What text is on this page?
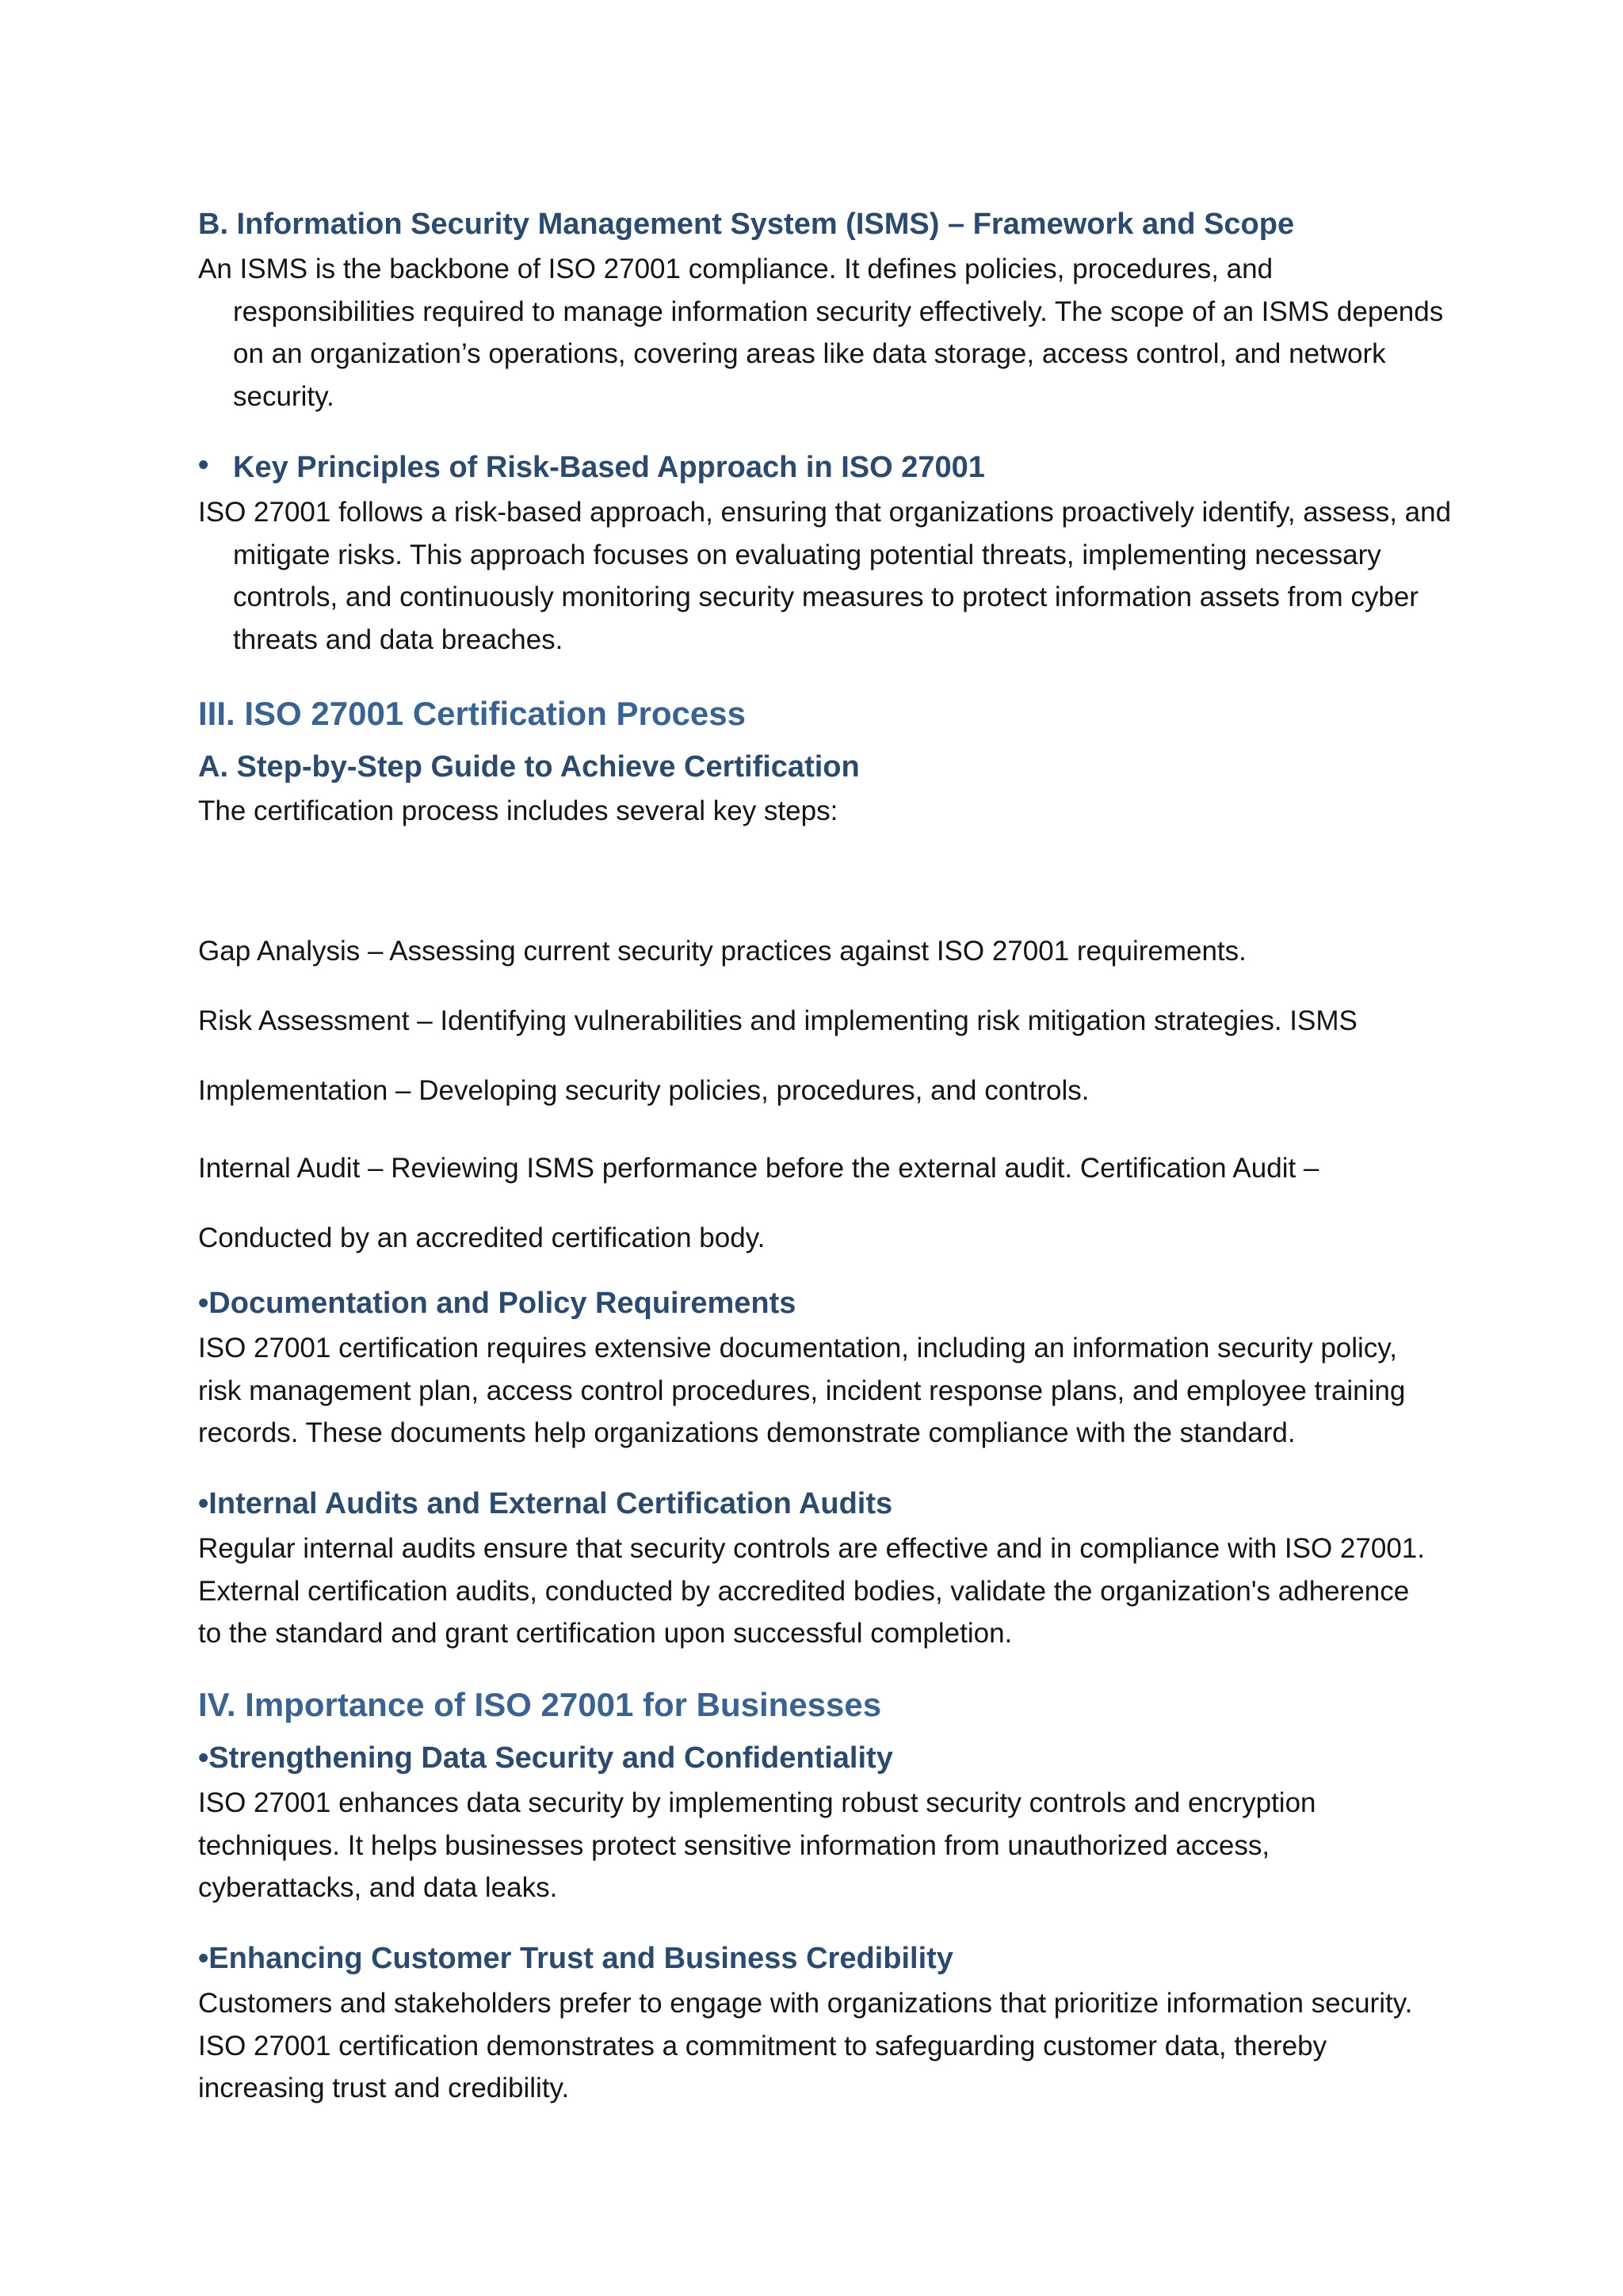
B. Information Security Management System (ISMS) – Framework and Scope
An ISMS is the backbone of ISO 27001 compliance. It defines policies, procedures, and responsibilities required to manage information security effectively. The scope of an ISMS depends on an organization’s operations, covering areas like data storage, access control, and network security.
• Key Principles of Risk-Based Approach in ISO 27001
ISO 27001 follows a risk-based approach, ensuring that organizations proactively identify, assess, and mitigate risks. This approach focuses on evaluating potential threats, implementing necessary controls, and continuously monitoring security measures to protect information assets from cyber threats and data breaches.
III. ISO 27001 Certification Process
A. Step-by-Step Guide to Achieve Certification
The certification process includes several key steps:
Gap Analysis – Assessing current security practices against ISO 27001 requirements.
Risk Assessment – Identifying vulnerabilities and implementing risk mitigation strategies. ISMS
Implementation – Developing security policies, procedures, and controls.
Internal Audit – Reviewing ISMS performance before the external audit. Certification Audit –
Conducted by an accredited certification body.
•Documentation and Policy Requirements
ISO 27001 certification requires extensive documentation, including an information security policy, risk management plan, access control procedures, incident response plans, and employee training records. These documents help organizations demonstrate compliance with the standard.
•Internal Audits and External Certification Audits
Regular internal audits ensure that security controls are effective and in compliance with ISO 27001. External certification audits, conducted by accredited bodies, validate the organization's adherence to the standard and grant certification upon successful completion.
IV. Importance of ISO 27001 for Businesses
•Strengthening Data Security and Confidentiality
ISO 27001 enhances data security by implementing robust security controls and encryption techniques. It helps businesses protect sensitive information from unauthorized access, cyberattacks, and data leaks.
•Enhancing Customer Trust and Business Credibility
Customers and stakeholders prefer to engage with organizations that prioritize information security. ISO 27001 certification demonstrates a commitment to safeguarding customer data, thereby increasing trust and credibility.
